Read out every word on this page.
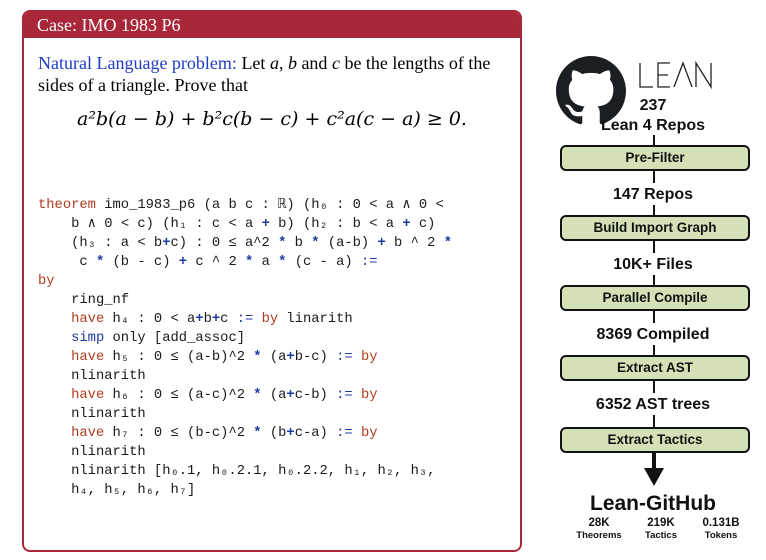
Case: IMO 1983 P6
Natural Language problem: Let a, b and c be the lengths of the sides of a triangle. Prove that
a²b(a − b) + b²c(b − c) + c²a(c − a) ≥ 0.
theorem imo_1983_p6 (a b c : ℝ) (h₀ : 0 < a ∧ 0 <
b ∧ 0 < c) (h₁ : c < a + b) (h₂ : b < a + c)
(h₃ : a < b+c) : 0 ≤ a^2 * b * (a-b) + b ^ 2 *
c * (b - c) + c ^ 2 * a * (c - a) :=
by
ring_nf
have h₄ : 0 < a+b+c := by linarith
simp only [add_assoc]
have h₅ : 0 ≤ (a-b)^2 * (a+b-c) := by
nlinarith
have h₆ : 0 ≤ (a-c)^2 * (a+c-b) := by
nlinarith
have h₇ : 0 ≤ (b-c)^2 * (b+c-a) := by
nlinarith
nlinarith [h₀.1, h₀.2.1, h₀.2.2, h₁, h₂, h₃,
h₄, h₅, h₆, h₇]
237
Lean 4 Repos
Pre-Filter
147 Repos
Build Import Graph
10K+ Files
Parallel Compile
8369 Compiled
Extract AST
6352 AST trees
Extract Tactics
Lean-GitHub
28K
Theorems
219K
Tactics
0.131B
Tokens
